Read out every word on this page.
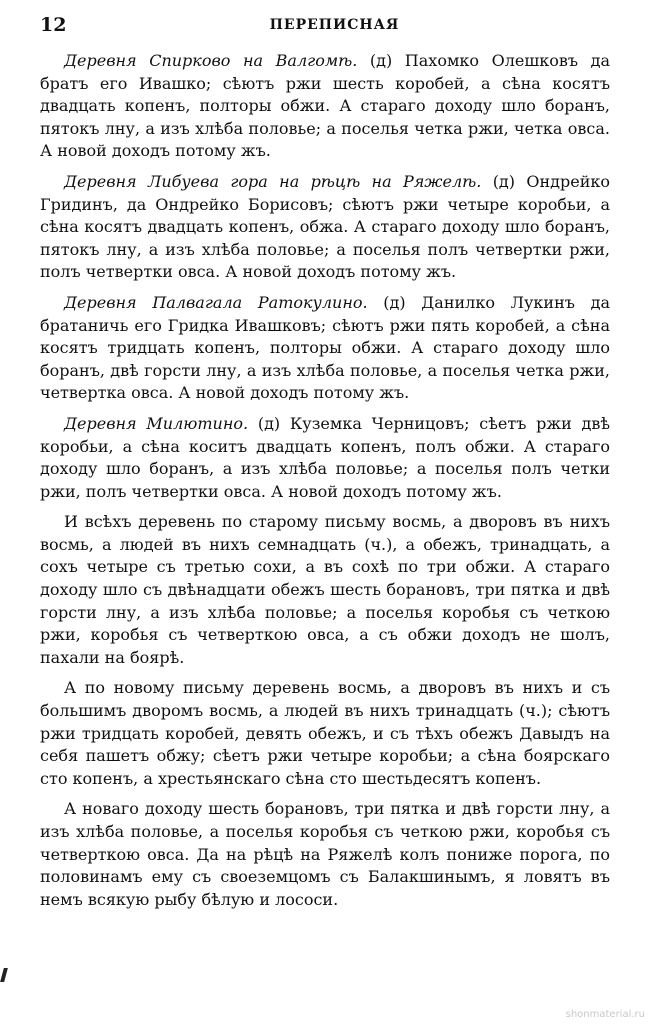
12	ПЕРЕПИСНАЯ

Деревня Спирково на Валгомѣ. (д) Пахомко Олешковъ да братъ его Ивашко; сѣютъ ржи шесть коробей, а сѣна косятъ двадцать копенъ, полторы обжи. А стараго доходу шло боранъ, пятокъ лну, а изъ хлѣба половье; а поселья четка ржи, четка овса. А новой доходъ потому жъ.

Деревня Либуева гора на рѣцѣ на Ряжелѣ. (д) Ондрейко Гридинъ, да Ондрейко Борисовъ; сѣютъ ржи четыре коробьи, а сѣна косятъ двадцать копенъ, обжа. А стараго доходу шло боранъ, пятокъ лну, а изъ хлѣба половье; а поселья полъ четвертки ржи, полъ четвертки овса. А новой доходъ потому жъ.

Деревня Палвагала Ратокулино. (д) Данилко Лукинъ да братаничь его Гридка Ивашковъ; сѣютъ ржи пять коробей, а сѣна косятъ тридцать копенъ, полторы обжи. А стараго доходу шло боранъ, двѣ горсти лну, а изъ хлѣба половье, а поселья четка ржи, четвертка овса. А новой доходъ потому жъ.

Деревня Милютино. (д) Куземка Черницовъ; сѣетъ ржи двѣ коробьи, а сѣна коситъ двадцать копенъ, полъ обжи. А стараго доходу шло боранъ, а изъ хлѣба половье; а поселья полъ четки ржи, полъ четвертки овса. А новой доходъ потому жъ.

И всѣхъ деревень по старому письму восмь, а дворовъ въ нихъ восмь, а людей въ нихъ семнадцать (ч.), а обежъ, тринадцать, а сохъ четыре съ третью сохи, а въ сохѣ по три обжи. А стараго доходу шло съ двѣнадцати обежъ шесть борановъ, три пятка и двѣ горсти лну, а изъ хлѣба половье; а поселья коробья съ четкою ржи, коробья съ четверткою овса, а съ обжи доходъ не шолъ, пахали на боярѣ.

А по новому письму деревень восмь, а дворовъ въ нихъ и съ большимъ дворомъ восмь, а людей въ нихъ тринадцать (ч.); сѣютъ ржи тридцать коробей, девять обежъ, и съ тѣхъ обежъ Давыдъ на себя пашетъ обжу; сѣетъ ржи четыре коробьи; а сѣна боярскаго сто копенъ, а хрестьянскаго сѣна сто шестьдесятъ копенъ.

А новаго доходу шесть борановъ, три пятка и двѣ горсти лну, а изъ хлѣба половье, а поселья коробья съ четкою ржи, коробья съ четверткою овса. Да на рѣцѣ на Ряжелѣ колъ пониже порога, по половинамъ ему съ своеземцомъ съ Балакшинымъ, я ловятъ въ немъ всякую рыбу бѣлую и лососи.

shonmaterial.ru
